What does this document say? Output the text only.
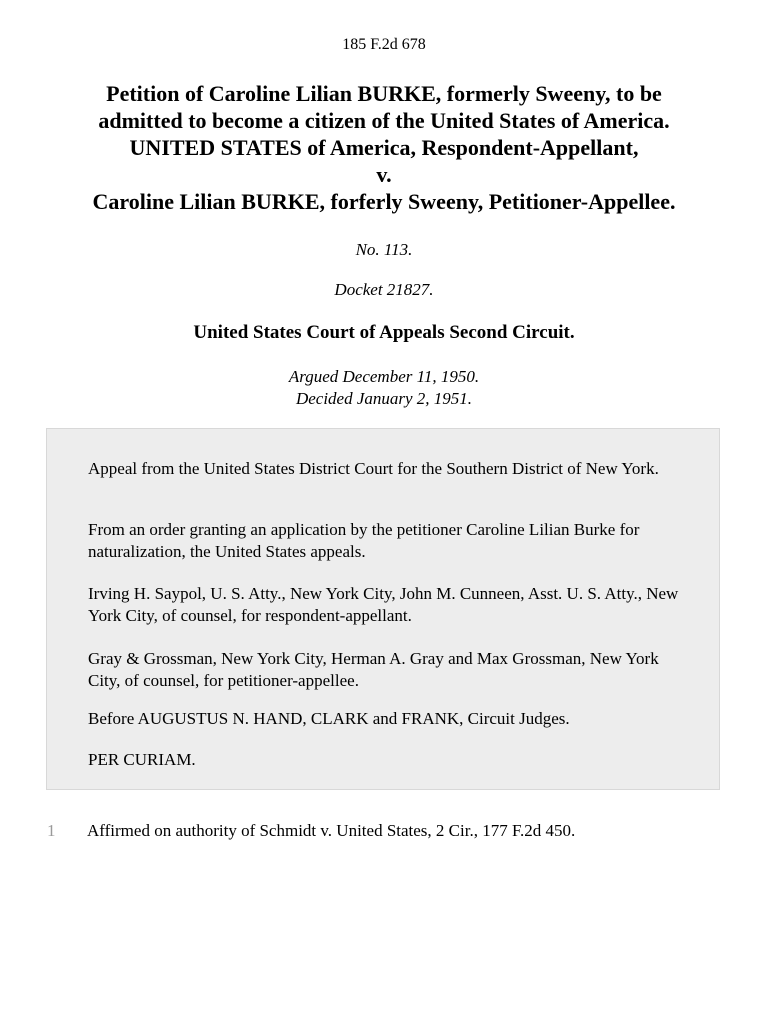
185 F.2d 678
Petition of Caroline Lilian BURKE, formerly Sweeny, to be
admitted to become a citizen of the United States of America.
UNITED STATES of America, Respondent-Appellant,
v.
Caroline Lilian BURKE, forferly Sweeny, Petitioner-Appellee.
No. 113.
Docket 21827.
United States Court of Appeals Second Circuit.
Argued December 11, 1950.
Decided January 2, 1951.

Appeal from the United States District Court for the Southern District of New York.

From an order granting an application by the petitioner Caroline Lilian Burke for naturalization, the United States appeals.

Irving H. Saypol, U. S. Atty., New York City, John M. Cunneen, Asst. U. S. Atty., New York City, of counsel, for respondent-appellant.

Gray & Grossman, New York City, Herman A. Gray and Max Grossman, New York City, of counsel, for petitioner-appellee.

Before AUGUSTUS N. HAND, CLARK and FRANK, Circuit Judges.

PER CURIAM.

1 Affirmed on authority of Schmidt v. United States, 2 Cir., 177 F.2d 450.
